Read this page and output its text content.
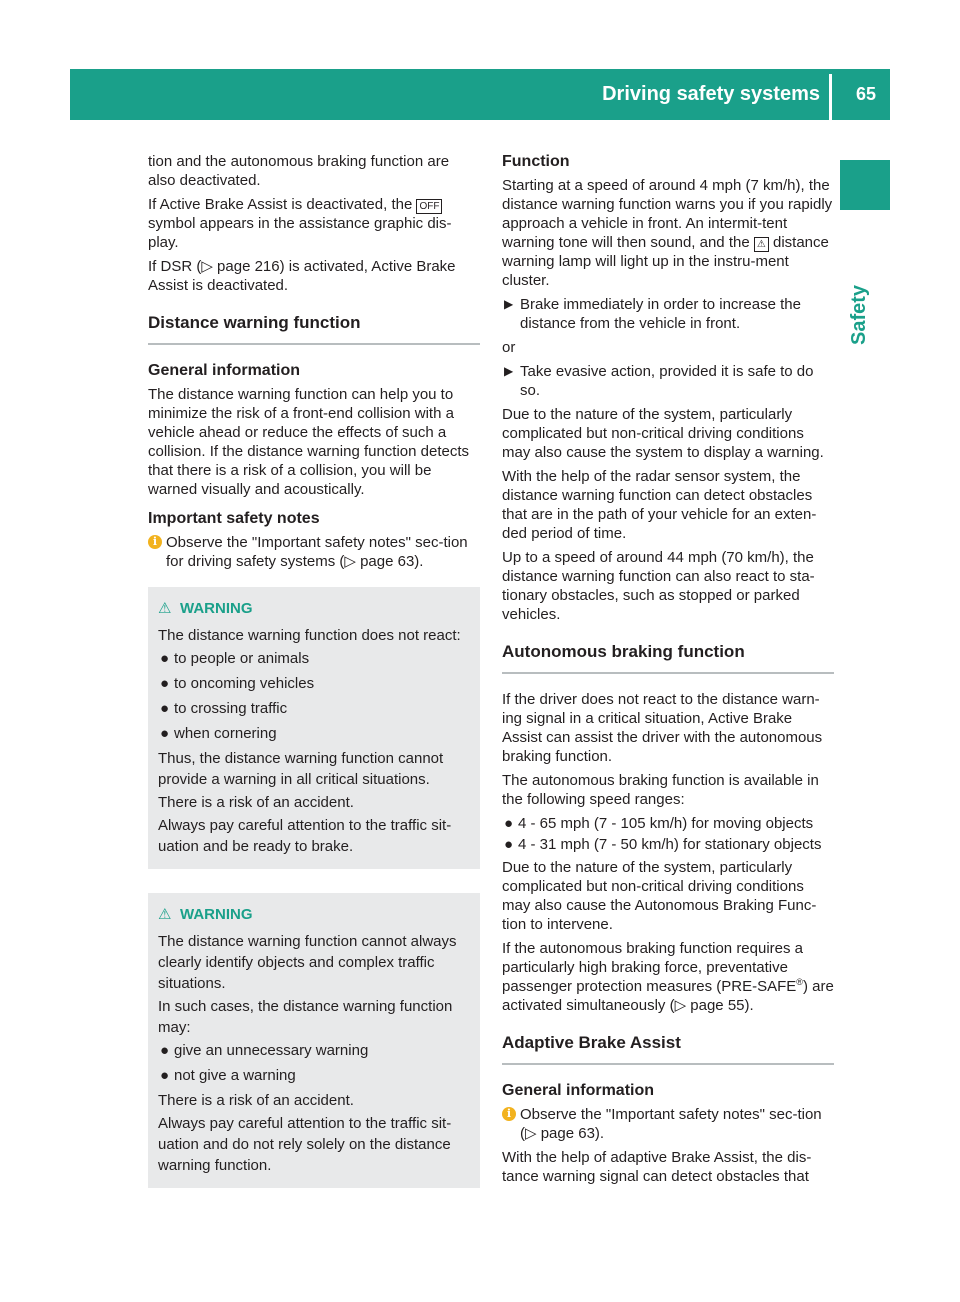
Driving safety systems 65
Safety

tion and the autonomous braking function are also deactivated.

If Active Brake Assist is deactivated, the OFF symbol appears in the assistance graphic dis-play.

If DSR (▷ page 216) is activated, Active Brake Assist is deactivated.

Distance warning function
General information

The distance warning function can help you to minimize the risk of a front-end collision with a vehicle ahead or reduce the effects of such a collision. If the distance warning function detects that there is a risk of a collision, you will be warned visually and acoustically.

Important safety notes
i Observe the "Important safety notes" sec-tion for driving safety systems (▷ page 63).
⚠ WARNING

The distance warning function does not react:

● to people or animals
● to oncoming vehicles
● to crossing traffic
● when cornering

Thus, the distance warning function cannot provide a warning in all critical situations.

There is a risk of an accident.

Always pay careful attention to the traffic sit-uation and be ready to brake.

⚠ WARNING

The distance warning function cannot always clearly identify objects and complex traffic situations.

In such cases, the distance warning function may:

● give an unnecessary warning
● not give a warning

There is a risk of an accident.

Always pay careful attention to the traffic sit-uation and do not rely solely on the distance warning function.

Function

Starting at a speed of around 4 mph (7 km/h), the distance warning function warns you if you rapidly approach a vehicle in front. An intermit-tent warning tone will then sound, and the ⚠ distance warning lamp will light up in the instru-ment cluster.

▶ Brake immediately in order to increase the distance from the vehicle in front.

or

▶ Take evasive action, provided it is safe to do so.

Due to the nature of the system, particularly complicated but non-critical driving conditions may also cause the system to display a warning.

With the help of the radar sensor system, the distance warning function can detect obstacles that are in the path of your vehicle for an exten-ded period of time.

Up to a speed of around 44 mph (70 km/h), the distance warning function can also react to sta-tionary obstacles, such as stopped or parked vehicles.

Autonomous braking function

If the driver does not react to the distance warn-ing signal in a critical situation, Active Brake Assist can assist the driver with the autonomous braking function.

The autonomous braking function is available in the following speed ranges:

● 4 - 65 mph (7 - 105 km/h) for moving objects
● 4 - 31 mph (7 - 50 km/h) for stationary objects

Due to the nature of the system, particularly complicated but non-critical driving conditions may also cause the Autonomous Braking Func-tion to intervene.

If the autonomous braking function requires a particularly high braking force, preventative passenger protection measures (PRE-SAFE®) are activated simultaneously (▷ page 55).

Adaptive Brake Assist
General information
i Observe the "Important safety notes" sec-tion (▷ page 63).

With the help of adaptive Brake Assist, the dis-tance warning signal can detect obstacles that
